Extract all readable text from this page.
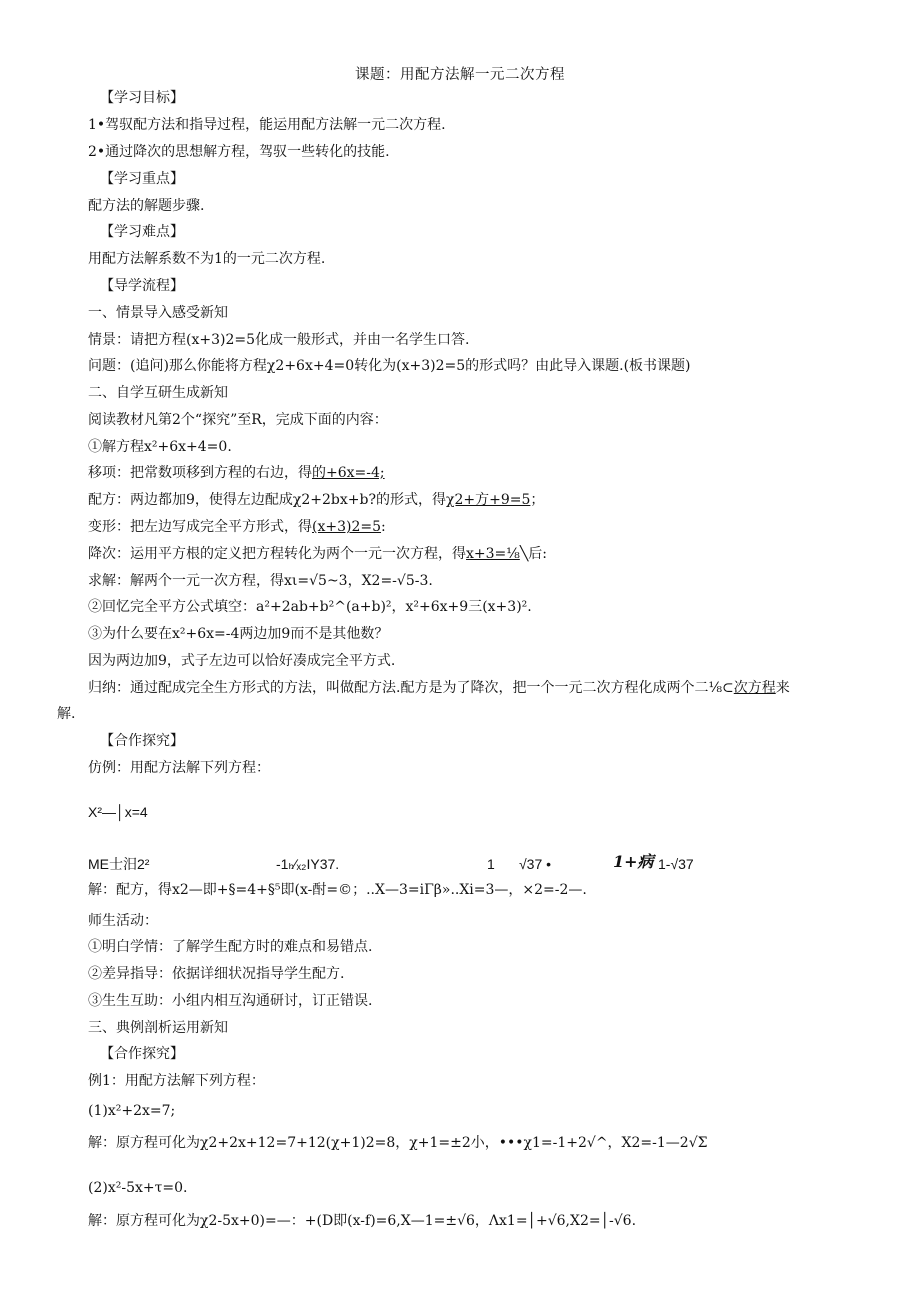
课题：用配方法解一元二次方程
【学习目标】
1•驾驭配方法和指导过程，能运用配方法解一元二次方程.
2•通过降次的思想解方程，驾驭一些转化的技能.
【学习重点】
配方法的解题步骤.
【学习难点】
用配方法解系数不为1的一元二次方程.
【导学流程】
一、情景导入感受新知
情景：请把方程(x+3)2=5化成一般形式，并由一名学生口答.
问题：(追问)那么你能将方程χ2+6x+4=0转化为(x+3)2=5的形式吗？由此导入课题.(板书课题)
二、自学互研生成新知
阅读教材凡第2个“探究”至R，完成下面的内容：
①解方程x²+6x+4=0.
移项：把常数项移到方程的右边，得的+6x=-4;
配方：两边都加9，使得左边配成χ2+2bx+b?的形式，得χ2+方+9=5；
变形：把左边写成完全平方形式，得(x+3)2=5:
降次：运用平方根的定义把方程转化为两个一元一次方程，得x+3=⅛╲后:
求解：解两个一元一次方程，得xι=√5~3，X2=-√5-3.
②回忆完全平方公式填空：a²+2ab+b²^(a+b)²，x²+6x+9三(x+3)².
③为什么要在x²+6x=-4两边加9而不是其他数？
因为两边加9，式子左边可以恰好凑成完全平方式.
归纳：通过配成完全生方形式的方法，叫做配方法.配方是为了降次，把一个一元二次方程化成两个二⅛⊂次方程来
解.
【合作探究】
仿例：用配方法解下列方程：
X²—│x=4
ME士汨2²	-1ₕ∕ₓ₂IY37.	1 √37 •	1+病 1-√37
解：配方，得x2—即+§=4+§⁵即(x-酎=©；..X—3=iΓβ»..Xi=3—，×2=-2—.
师生活动：
①明白学情：了解学生配方时的难点和易错点.
②差异指导：依据详细状况指导学生配方.
③生生互助：小组内相互沟通研讨，订正错误.
三、典例剖析运用新知
【合作探究】
例1：用配方法解下列方程：
(1)x²+2x=7;
解：原方程可化为χ2+2x+12=7+12(χ+1)2=8，χ+1=±2小，•••χ1=-1+2√^，X2=-1—2√Σ
(2)x²-5x+τ=0.
解：原方程可化为χ2-5x+0)=—：+(D即(x-f)=6,X—1=±√6，Λx1=│+√6,X2=│-√6.
